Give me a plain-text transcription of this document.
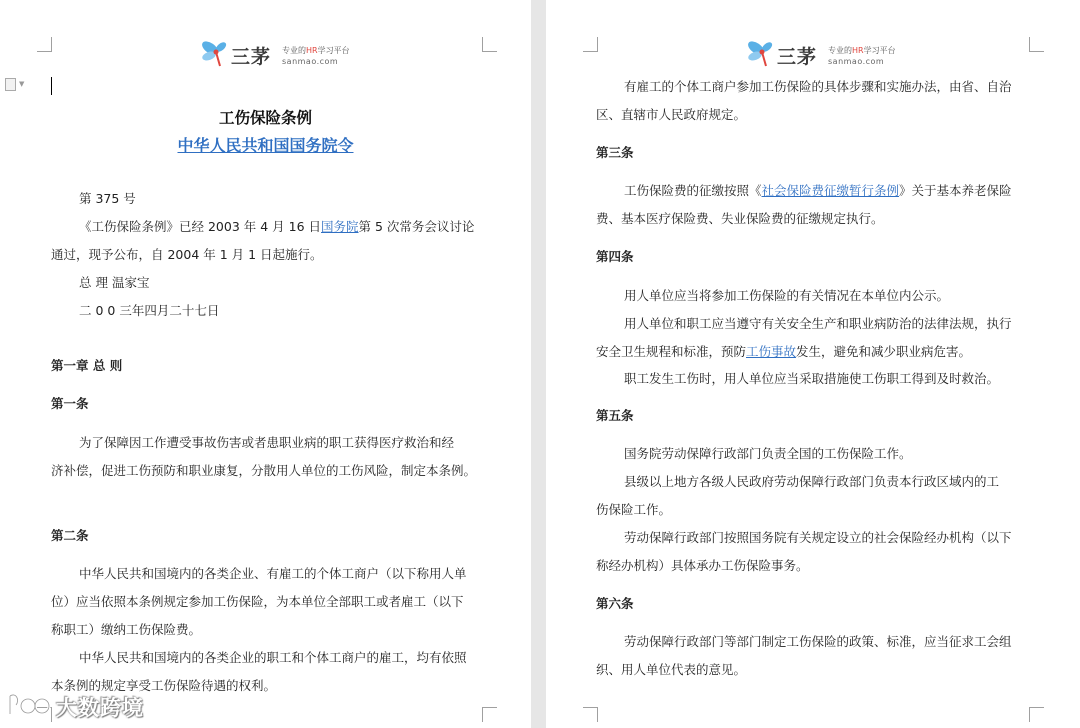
▼
三茅 专业的HR学习平台
sanmao.com
工伤保险条例
中华人民共和国国务院令
第 375 号
《工伤保险条例》已经 2003 年 4 月 16 日国务院第 5 次常务会议讨论
通过，现予公布，自 2004 年 1 月 1 日起施行。
总 理 温家宝
二 0 0 三年四月二十七日
第一章 总 则
第一条
为了保障因工作遭受事故伤害或者患职业病的职工获得医疗救治和经
济补偿，促进工伤预防和职业康复，分散用人单位的工伤风险，制定本条例。
第二条
中华人民共和国境内的各类企业、有雇工的个体工商户（以下称用人单
位）应当依照本条例规定参加工伤保险，为本单位全部职工或者雇工（以下
称职工）缴纳工伤保险费。
中华人民共和国境内的各类企业的职工和个体工商户的雇工，均有依照
本条例的规定享受工伤保险待遇的权利。
大数跨境
三茅 专业的HR学习平台
sanmao.com
有雇工的个体工商户参加工伤保险的具体步骤和实施办法，由省、自治
区、直辖市人民政府规定。
第三条
工伤保险费的征缴按照《社会保险费征缴暂行条例》关于基本养老保险
费、基本医疗保险费、失业保险费的征缴规定执行。
第四条
用人单位应当将参加工伤保险的有关情况在本单位内公示。
用人单位和职工应当遵守有关安全生产和职业病防治的法律法规，执行
安全卫生规程和标准，预防工伤事故发生，避免和减少职业病危害。
职工发生工伤时，用人单位应当采取措施使工伤职工得到及时救治。
第五条
国务院劳动保障行政部门负责全国的工伤保险工作。
县级以上地方各级人民政府劳动保障行政部门负责本行政区域内的工
伤保险工作。
劳动保障行政部门按照国务院有关规定设立的社会保险经办机构（以下
称经办机构）具体承办工伤保险事务。
第六条
劳动保障行政部门等部门制定工伤保险的政策、标准，应当征求工会组
织、用人单位代表的意见。
